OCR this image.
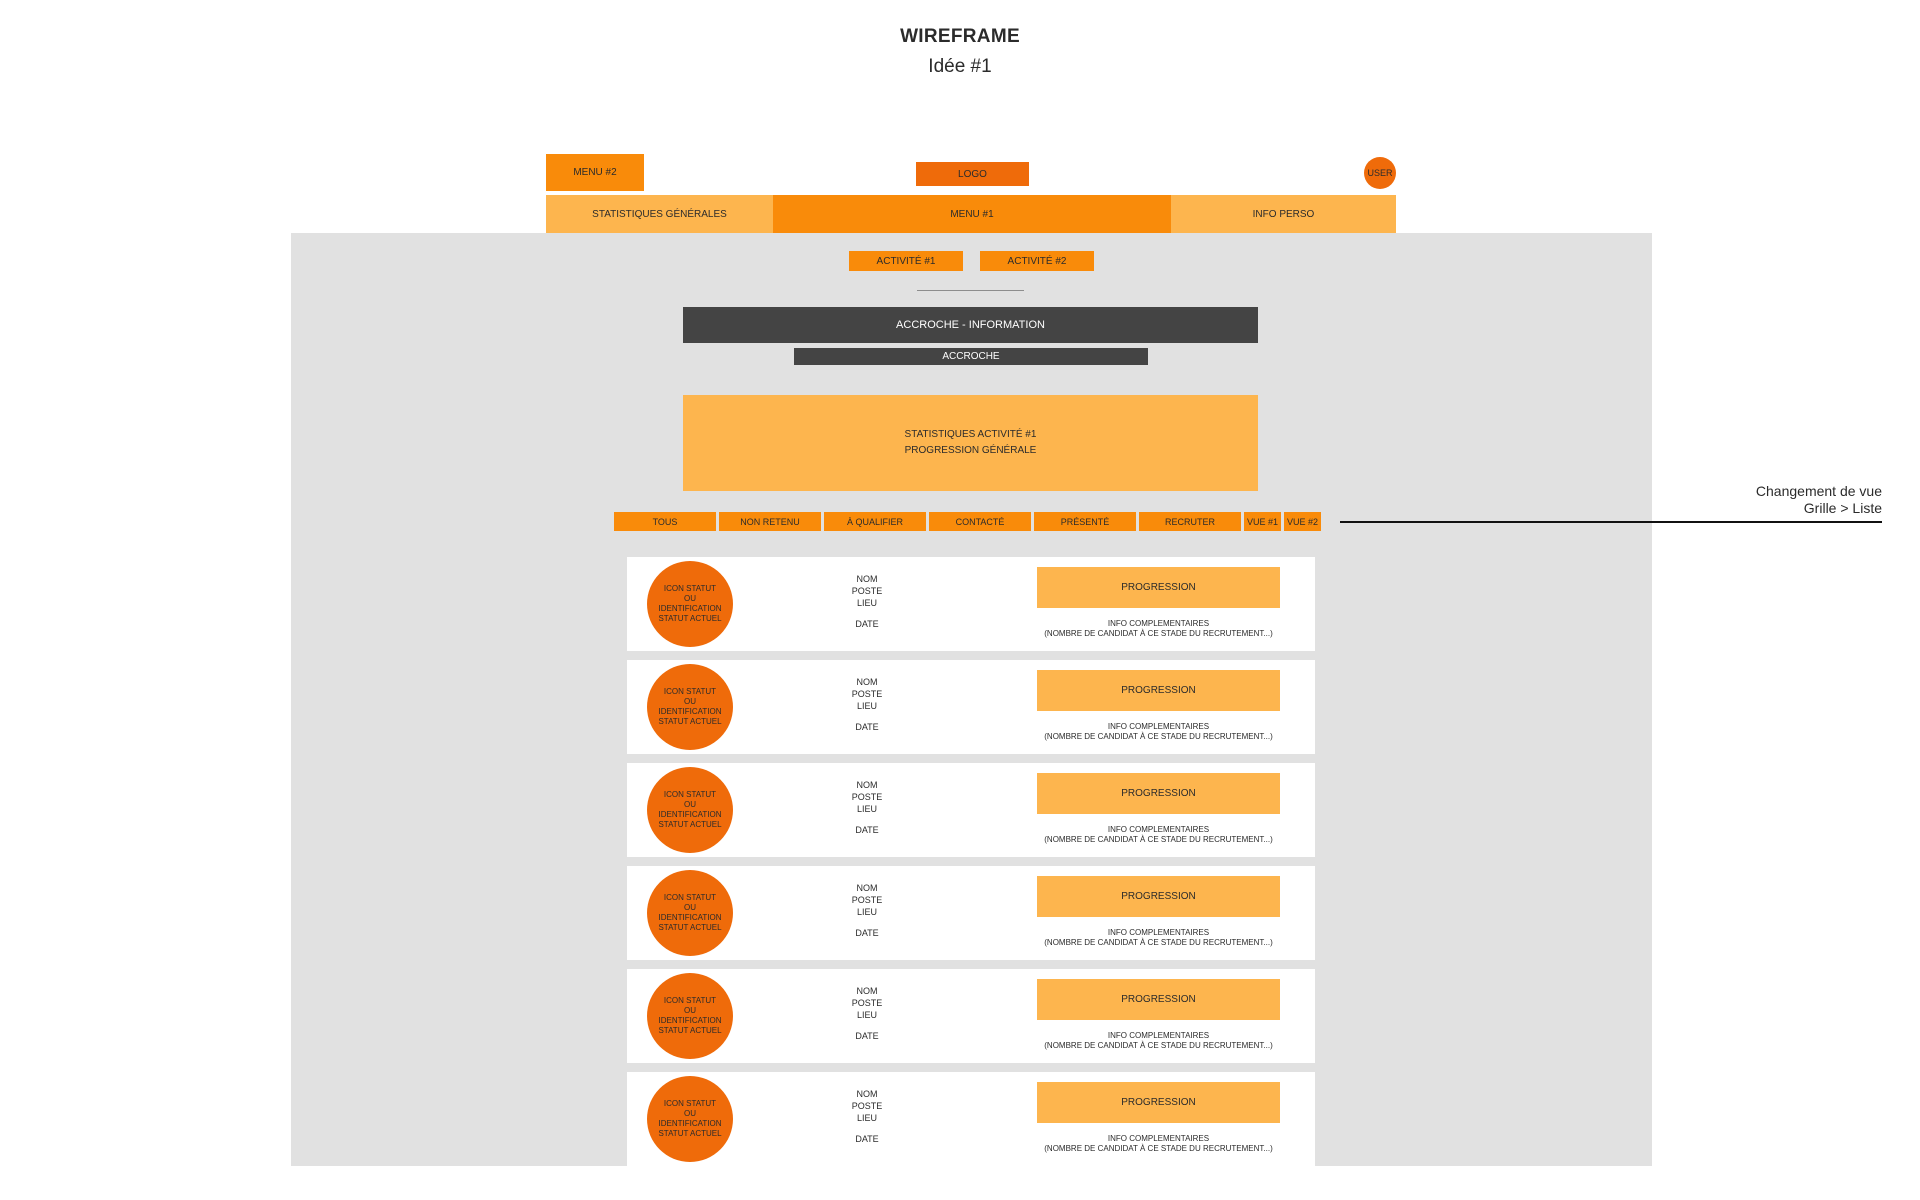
WIREFRAME
Idée #1
MENU #2	LOGO	USER
STATISTIQUES GÉNÉRALES	MENU #1	INFO PERSO
ACTIVITÉ #1	ACTIVITÉ #2
ACCROCHE - INFORMATION
ACCROCHE
STATISTIQUES ACTIVITÉ #1
PROGRESSION GÉNÉRALE
TOUS	NON RETENU	À QUALIFIER	CONTACTÉ	PRÉSENTÉ	RECRUTER	VUE #1 VUE #2
Changement de vue
Grille > Liste
ICON STATUT
OU
IDENTIFICATION
STATUT ACTUEL
NOM
POSTE
LIEU
DATE
PROGRESSION
INFO COMPLEMENTAIRES
(NOMBRE DE CANDIDAT À CE STADE DU RECRUTEMENT...)
ICON STATUT
OU
IDENTIFICATION
STATUT ACTUEL
NOM
POSTE
LIEU
DATE
PROGRESSION
INFO COMPLEMENTAIRES
(NOMBRE DE CANDIDAT À CE STADE DU RECRUTEMENT...)
ICON STATUT
OU
IDENTIFICATION
STATUT ACTUEL
NOM
POSTE
LIEU
DATE
PROGRESSION
INFO COMPLEMENTAIRES
(NOMBRE DE CANDIDAT À CE STADE DU RECRUTEMENT...)
ICON STATUT
OU
IDENTIFICATION
STATUT ACTUEL
NOM
POSTE
LIEU
DATE
PROGRESSION
INFO COMPLEMENTAIRES
(NOMBRE DE CANDIDAT À CE STADE DU RECRUTEMENT...)
ICON STATUT
OU
IDENTIFICATION
STATUT ACTUEL
NOM
POSTE
LIEU
DATE
PROGRESSION
INFO COMPLEMENTAIRES
(NOMBRE DE CANDIDAT À CE STADE DU RECRUTEMENT...)
ICON STATUT
OU
IDENTIFICATION
STATUT ACTUEL
NOM
POSTE
LIEU
DATE
PROGRESSION
INFO COMPLEMENTAIRES
(NOMBRE DE CANDIDAT À CE STADE DU RECRUTEMENT...)
